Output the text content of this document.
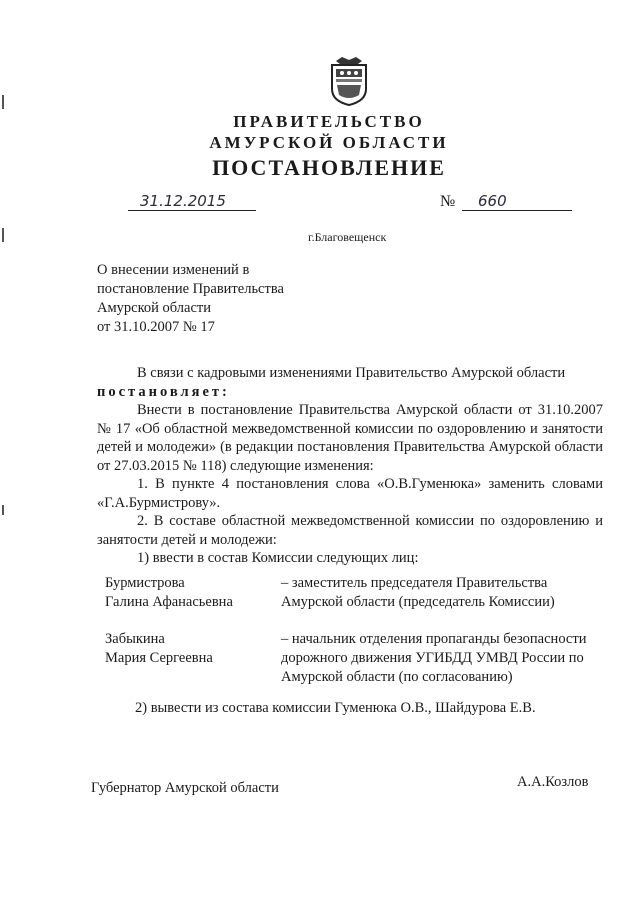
ПРАВИТЕЛЬСТВО
АМУРСКОЙ ОБЛАСТИ
ПОСТАНОВЛЕНИЕ
31.12.2015	№ 660
г.Благовещенск
О внесении изменений в
постановление Правительства
Амурской области
от 31.10.2007 № 17

В связи с кадровыми изменениями Правительство Амурской области

постановляет:

Внести в постановление Правительства Амурской области от 31.10.2007 № 17 «Об областной межведомственной комиссии по оздоровлению и занятости детей и молодежи» (в редакции постановления Правительства Амурской области от 27.03.2015 № 118) следующие изменения:

1. В пункте 4 постановления слова «О.В.Гуменюка» заменить словами «Г.А.Бурмистрову».

2. В составе областной межведомственной комиссии по оздоровлению и занятости детей и молодежи:

1) ввести в состав Комиссии следующих лиц:

Бурмистрова
Галина Афанасьевна
– заместитель председателя Правительства Амурской области (председатель Комиссии)
Забыкина
Мария Сергеевна
– начальник отделения пропаганды безопасности дорожного движения УГИБДД УМВД России по Амурской области (по согласованию)
2) вывести из состава комиссии Гуменюка О.В., Шайдурова Е.В.
Губернатор Амурской области	А.А.Козлов
